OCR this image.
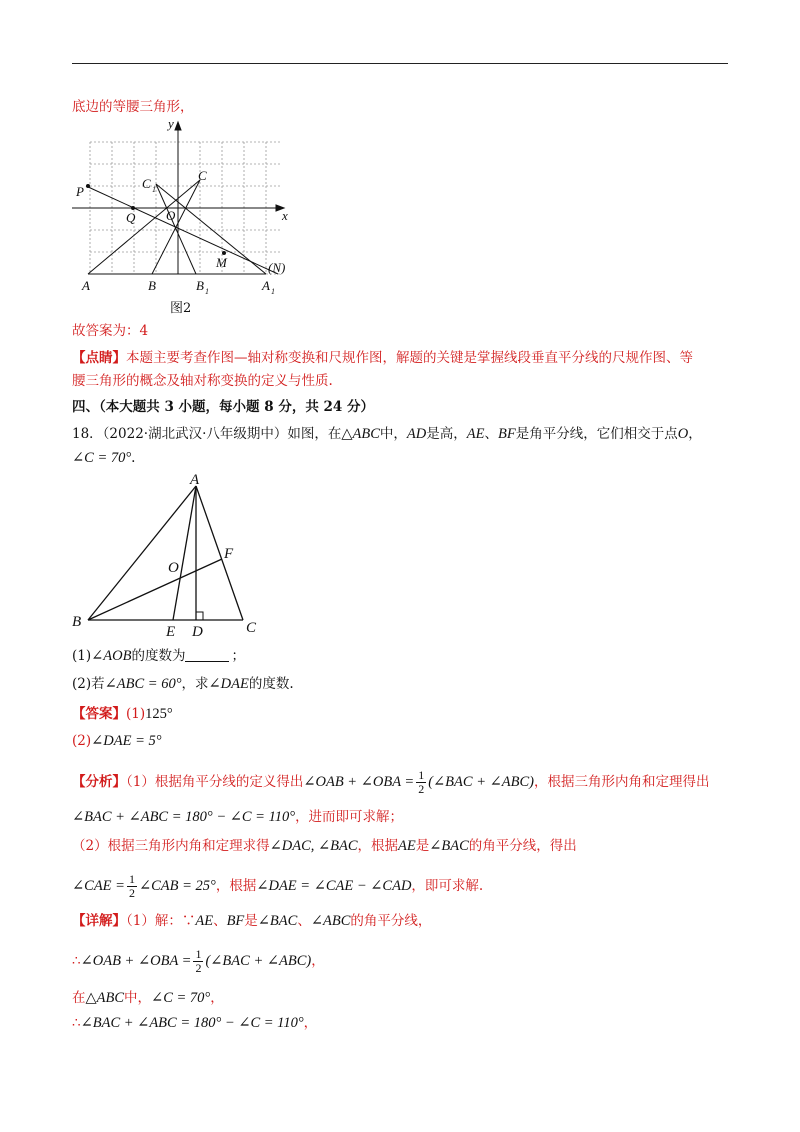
底边的等腰三角形，
x
y
P
Q O
C 1
C
M	(N)
A	B	B 1	A 1
图2
故答案为：4
【点睛】本题主要考查作图—轴对称变换和尺规作图，解题的关键是掌握线段垂直平分线的尺规作图、等
腰三角形的概念及轴对称变换的定义与性质.
四、（本大题共 3 小题，每小题 8 分，共 24 分）
18．（2022·湖北武汉·八年级期中）如图，在△ABC中，AD是高，AE、BF是角平分线，它们相交于点O，
∠C = 70°.
A
B	C
D
E
F
O
(1)∠AOB的度数为	；
(2)若∠ABC = 60°，求∠DAE的度数.
【答案】(1)125°
(2)∠DAE = 5°
【分析】（1）根据角平分线的定义得出∠OAB + ∠OBA = $\frac{1}{2}$ (∠BAC + ∠ABC)，根据三角形内角和定理得出
∠BAC + ∠ABC = 180° − ∠C = 110°，进而即可求解；
（2）根据三角形内角和定理求得∠DAC, ∠BAC，根据AE是∠BAC的角平分线，得出
∠CAE = $\frac{1}{2}$ ∠CAB = 25°，根据∠DAE = ∠CAE − ∠CAD，即可求解.
【详解】（1）解：∵AE、BF是∠BAC、∠ABC的角平分线，
∴∠OAB + ∠OBA = $\frac{1}{2}$ (∠BAC + ∠ABC)，
在△ABC中，∠C = 70°，
∴∠BAC + ∠ABC = 180° − ∠C = 110°，
